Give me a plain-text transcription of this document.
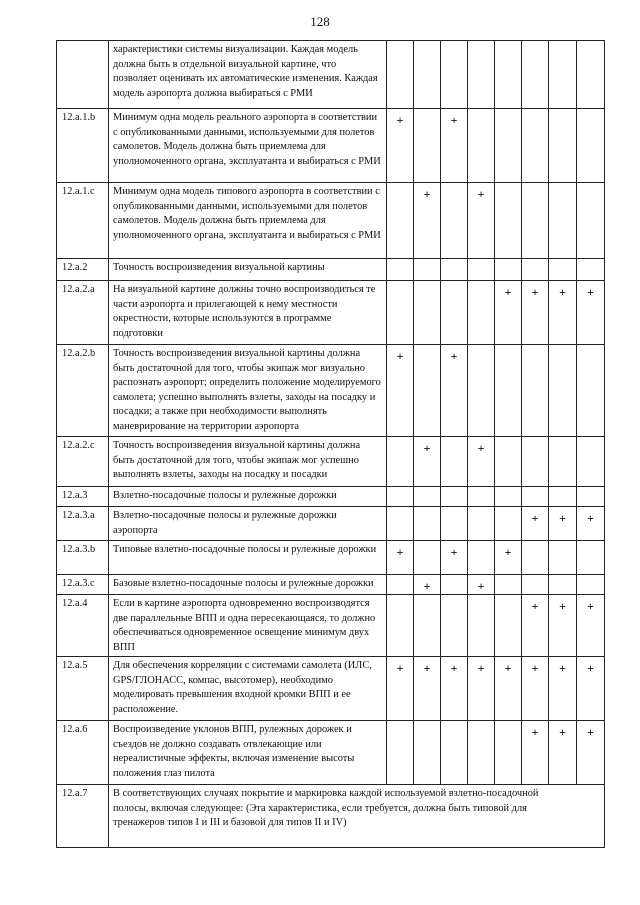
128
	характеристики системы визуализации. Каждая модель должна быть в отдельной визуальной картине, что позволяет оценивать их автоматические изменения. Каждая модель аэропорта должна выбираться с РМИ								
12.a.1.b	Минимум одна модель реального аэропорта в соответствии с опубликованными данными, используемыми для полетов самолетов. Модель должна быть приемлема для уполномоченного органа, эксплуатанта и выбираться с РМИ	+		+					
12.a.1.c	Минимум одна модель типового аэропорта в соответствии с опубликованными данными, используемыми для полетов самолетов. Модель должна быть приемлема для уполномоченного органа, эксплуатанта и выбираться с РМИ		+		+				
12.a.2	Точность воспроизведения визуальной картины								
12.a.2.a	На визуальной картине должны точно воспроизводиться те части аэропорта и прилегающей к нему местности окрестности, которые используются в программе подготовки					+	+	+	+
12.a.2.b	Точность воспроизведения визуальной картины должна быть достаточной для того, чтобы экипаж мог визуально распознать аэропорт; определить положение моделируемого самолета; успешно выполнять взлеты, заходы на посадку и посадки; а также при необходимости выполнять маневрирование на территории аэропорта	+		+					
12.a.2.c	Точность воспроизведения визуальной картины должна быть достаточной для того, чтобы экипаж мог успешно выполнять взлеты, заходы на посадку и посадки		+		+				
12.a.3	Взлетно-посадочные полосы и рулежные дорожки								
12.a.3.a	Взлетно-посадочные полосы и рулежные дорожки аэропорта						+	+	+
12.a.3.b	Типовые взлетно-посадочные полосы и рулежные дорожки	+		+		+			
12.a.3.c	Базовые взлетно-посадочные полосы и рулежные дорожки		+		+				
12.a.4	Если в картине аэропорта одновременно воспроизводятся две параллельные ВПП и одна пересекающаяся, то должно обеспечиваться одновременное освещение минимум двух ВПП						+	+	+
12.a.5	Для обеспечения корреляции с системами самолета (ИЛС, GPS/ГЛОНАСС, компас, высотомер), необходимо моделировать превышения входной кромки ВПП и ее расположение.	+	+	+	+	+	+	+	+
12.a.6	Воспроизведение уклонов ВПП, рулежных дорожек и съездов не должно создавать отвлекающие или нереалистичные эффекты, включая изменение высоты положения глаз пилота						+	+	+
12.a.7	В соответствующих случаях покрытие и маркировка каждой используемой взлетно-посадочной полосы, включая следующее: (Эта характеристика, если требуется, должна быть типовой для тренажеров типов I и III и базовой для типов II и IV)								
